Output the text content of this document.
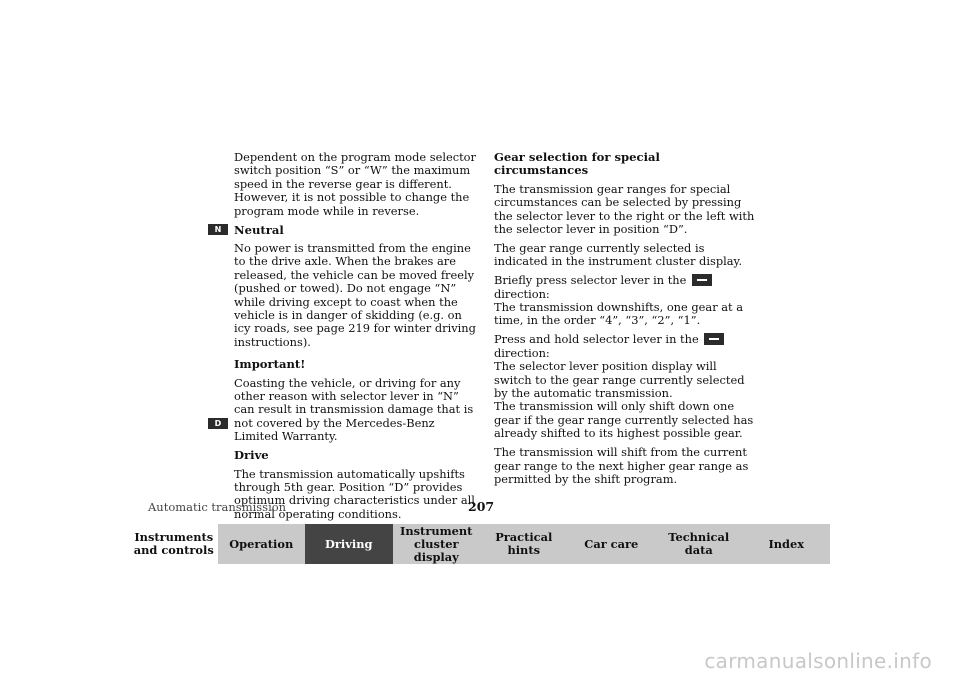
Dependent on the program mode selector switch position “S” or “W” the maximum speed in the reverse gear is different. However, it is not possible to change the program mode while in reverse.

Neutral

No power is transmitted from the engine to the drive axle. When the brakes are released, the vehicle can be moved freely (pushed or towed). Do not engage “N” while driving except to coast when the vehicle is in danger of skidding (e.g. on icy roads, see page 219 for winter driving instructions).

Important!

Coasting the vehicle, or driving for any other reason with selector lever in “N” can result in transmission damage that is not covered by the Mercedes-Benz Limited Warranty.

Drive

The transmission automatically upshifts through 5th gear. Position “D” provides optimum driving characteristics under all normal operating conditions.

N
D
Gear selection for special circumstances

The transmission gear ranges for special circumstances can be selected by pressing the selector lever to the right or the left with the selector lever in position “D”.

The gear range currently selected is indicated in the instrument cluster display.

Briefly press selector lever in the  direction:
The transmission downshifts, one gear at a time, in the order “4”, “3”, “2”, “1”.

Press and hold selector lever in the  direction:
The selector lever position display will switch to the gear range currently selected by the automatic transmission.
The transmission will only shift down one gear if the gear range currently selected has already shifted to its highest possible gear.

The transmission will shift from the current gear range to the next higher gear range as permitted by the shift program.

Automatic transmission	207
Instruments
and controls Operation	Driving
Instrument
cluster display
Practical hints	Car care	Technical
data	Index
carmanualsonline.info
